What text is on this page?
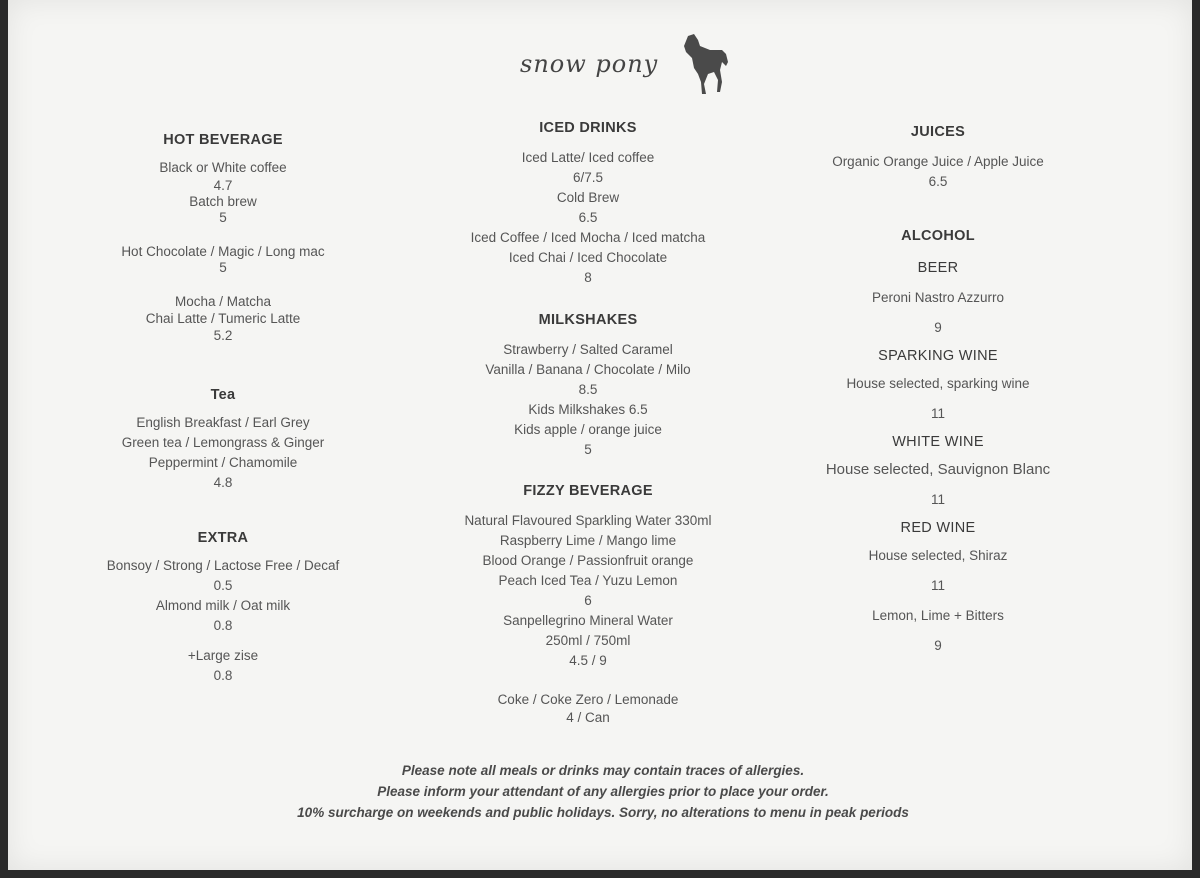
snow pony
HOT BEVERAGE
Black or White coffee
4.7
Batch brew
5
Hot Chocolate / Magic / Long mac
5
Mocha / Matcha
Chai Latte / Tumeric Latte
5.2
Tea
English Breakfast / Earl Grey
Green tea / Lemongrass & Ginger
Peppermint / Chamomile
4.8
EXTRA
Bonsoy / Strong / Lactose Free / Decaf
0.5
Almond milk / Oat milk
0.8
+Large zise
0.8
ICED DRINKS
Iced Latte/ Iced coffee
6/7.5
Cold Brew
6.5
Iced Coffee / Iced Mocha / Iced matcha
Iced Chai / Iced Chocolate
8
MILKSHAKES
Strawberry / Salted Caramel
Vanilla / Banana / Chocolate / Milo
8.5
Kids Milkshakes 6.5
Kids apple / orange juice
5
FIZZY BEVERAGE
Natural Flavoured Sparkling Water 330ml
Raspberry Lime / Mango lime
Blood Orange / Passionfruit orange
Peach Iced Tea / Yuzu Lemon
6
Sanpellegrino Mineral Water
250ml / 750ml
4.5 / 9
Coke / Coke Zero / Lemonade
4 / Can
JUICES
Organic Orange Juice / Apple Juice
6.5
ALCOHOL
BEER
Peroni Nastro Azzurro
9
SPARKING WINE
House selected, sparking wine
11
WHITE WINE
House selected, Sauvignon Blanc
11
RED WINE
House selected, Shiraz
11
Lemon, Lime + Bitters
9
Please note all meals or drinks may contain traces of allergies.
Please inform your attendant of any allergies prior to place your order.
10% surcharge on weekends and public holidays. Sorry, no alterations to menu in peak periods
